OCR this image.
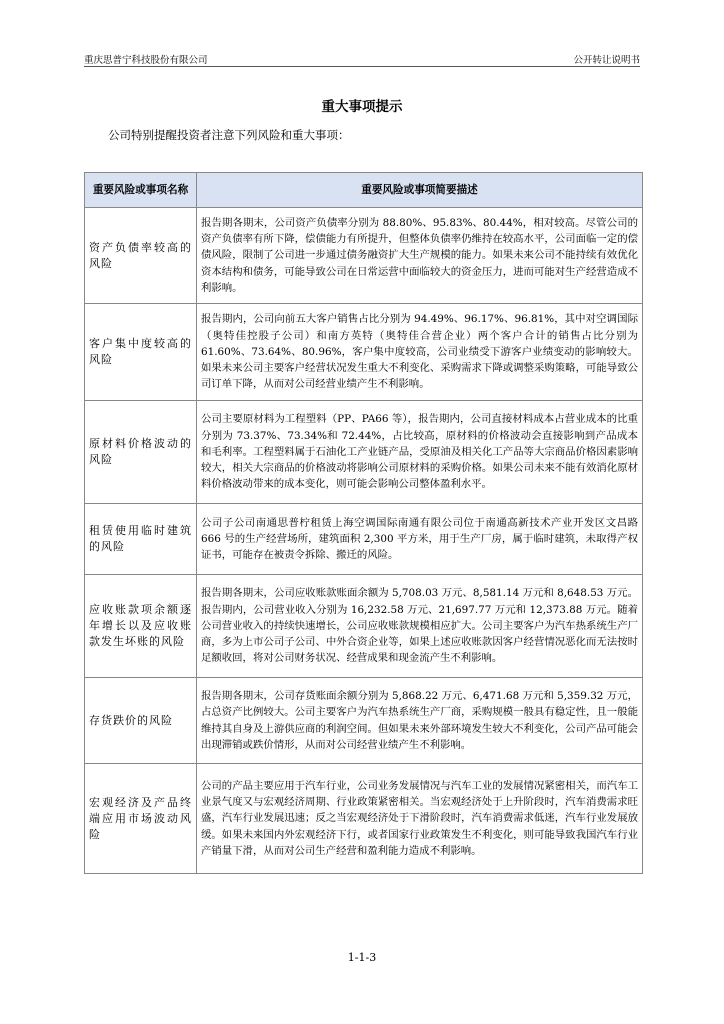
重庆思普宁科技股份有限公司	公开转让说明书
重大事项提示
公司特别提醒投资者注意下列风险和重大事项：
重要风险或事项名称	重要风险或事项简要描述
资产负债率较高的风险	报告期各期末，公司资产负债率分别为 88.80%、95.83%、80.44%，相对较高。尽管公司的资产负债率有所下降，偿债能力有所提升，但整体负债率仍维持在较高水平，公司面临一定的偿债风险，限制了公司进一步通过债务融资扩大生产规模的能力。如果未来公司不能持续有效优化资本结构和债务，可能导致公司在日常运营中面临较大的资金压力，进而可能对生产经营造成不利影响。
客户集中度较高的风险	报告期内，公司向前五大客户销售占比分别为 94.49%、96.17%、96.81%，其中对空调国际（奥特佳控股子公司）和南方英特（奥特佳合营企业）两个客户合计的销售占比分别为 61.60%、73.64%、80.96%，客户集中度较高，公司业绩受下游客户业绩变动的影响较大。如果未来公司主要客户经营状况发生重大不利变化、采购需求下降或调整采购策略，可能导致公司订单下降，从而对公司经营业绩产生不利影响。
原材料价格波动的风险	公司主要原材料为工程塑料（PP、PA66 等），报告期内，公司直接材料成本占营业成本的比重分别为 73.37%、73.34%和 72.44%，占比较高，原材料的价格波动会直接影响到产品成本和毛利率。工程塑料属于石油化工产业链产品，受原油及相关化工产品等大宗商品价格因素影响较大，相关大宗商品的价格波动将影响公司原材料的采购价格。如果公司未来不能有效消化原材料价格波动带来的成本变化，则可能会影响公司整体盈利水平。
租赁使用临时建筑的风险	公司子公司南通思普柠租赁上海空调国际南通有限公司位于南通高新技术产业开发区文昌路 666 号的生产经营场所，建筑面积 2,300 平方米，用于生产厂房，属于临时建筑，未取得产权证书，可能存在被责令拆除、搬迁的风险。
应收账款项余额逐年增长以及应收账款发生坏账的风险	报告期各期末，公司应收账款账面余额为 5,708.03 万元、8,581.14 万元和 8,648.53 万元。报告期内，公司营业收入分别为 16,232.58 万元、21,697.77 万元和 12,373.88 万元。随着公司营业收入的持续快速增长，公司应收账款规模相应扩大。公司主要客户为汽车热系统生产厂商，多为上市公司子公司、中外合资企业等，如果上述应收账款因客户经营情况恶化而无法按时足额收回，将对公司财务状况、经营成果和现金流产生不利影响。
存货跌价的风险	报告期各期末，公司存货账面余额分别为 5,868.22 万元、6,471.68 万元和 5,359.32 万元，占总资产比例较大。公司主要客户为汽车热系统生产厂商，采购规模一般具有稳定性，且一般能维持其自身及上游供应商的利润空间。但如果未来外部环境发生较大不利变化，公司产品可能会出现滞销或跌价情形，从而对公司经营业绩产生不利影响。
宏观经济及产品终端应用市场波动风险	公司的产品主要应用于汽车行业，公司业务发展情况与汽车工业的发展情况紧密相关，而汽车工业景气度又与宏观经济周期、行业政策紧密相关。当宏观经济处于上升阶段时，汽车消费需求旺盛，汽车行业发展迅速；反之当宏观经济处于下滑阶段时，汽车消费需求低迷，汽车行业发展放缓。如果未来国内外宏观经济下行，或者国家行业政策发生不利变化，则可能导致我国汽车行业产销量下滑，从而对公司生产经营和盈利能力造成不利影响。
1-1-3
